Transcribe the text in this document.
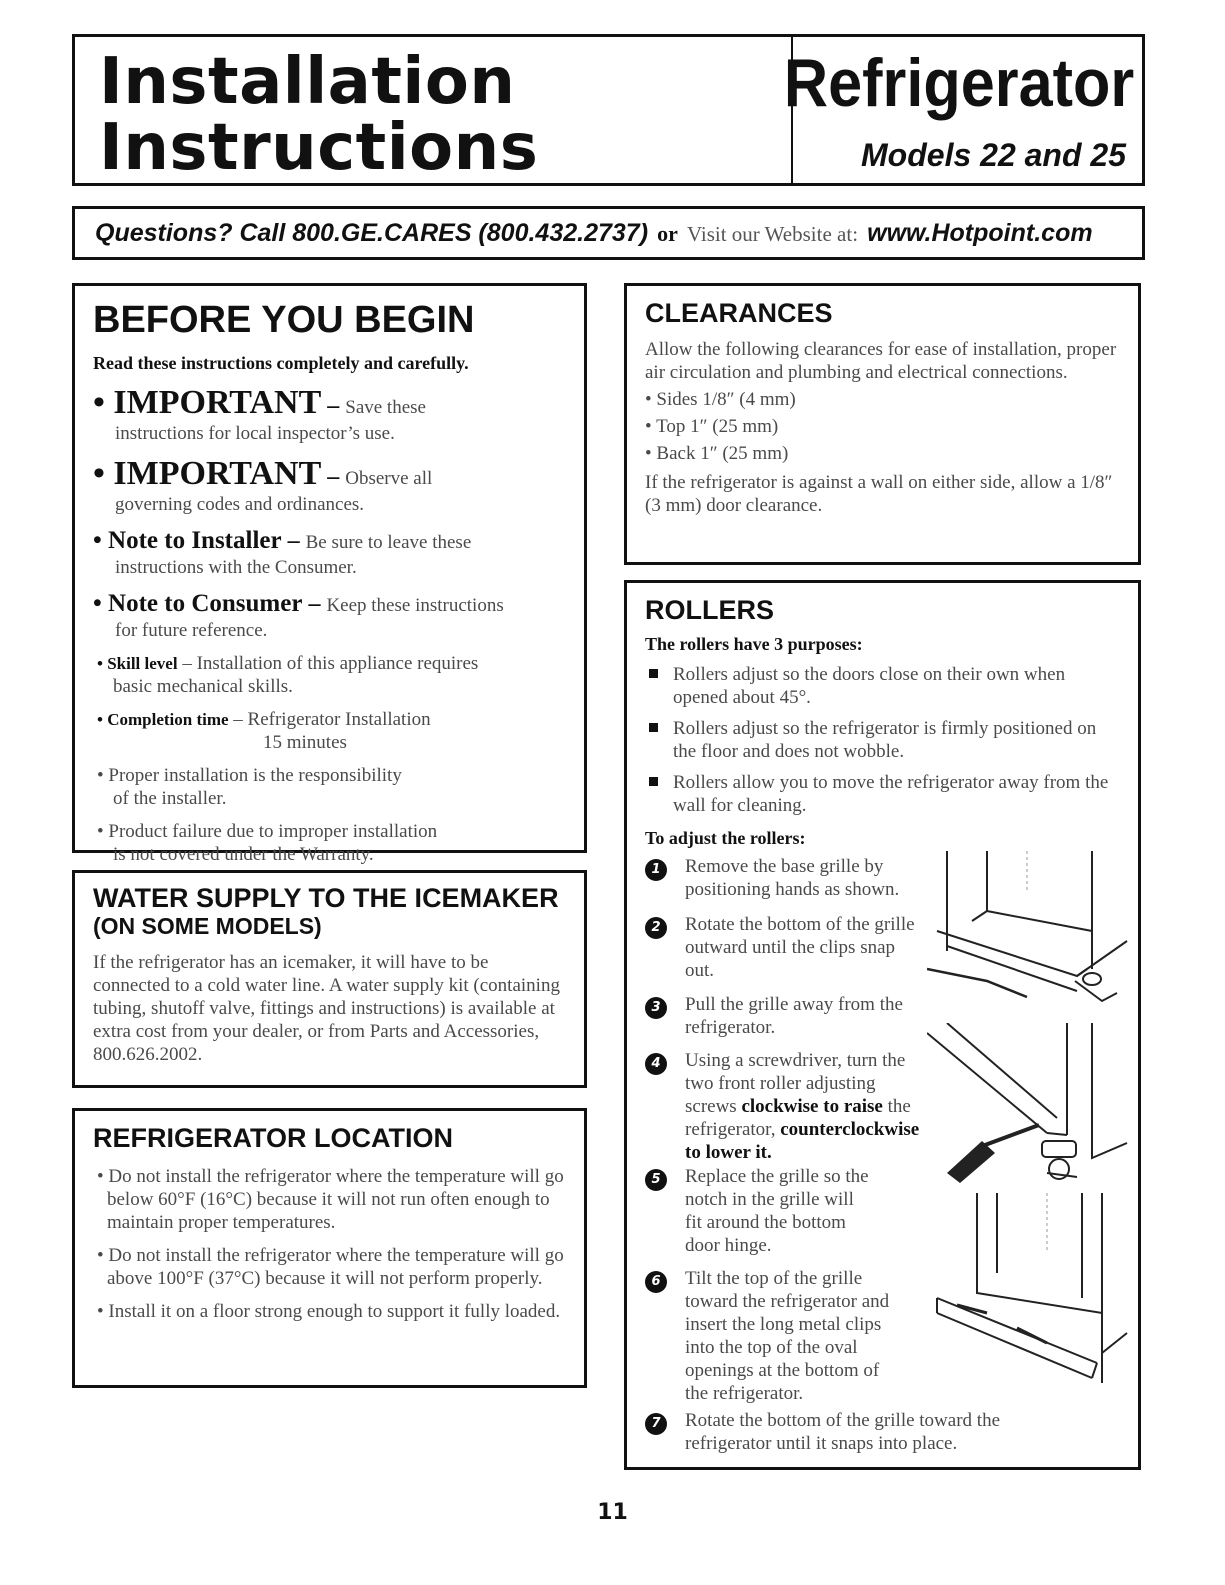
Installation
Instructions
Refrigerator
Models 22 and 25
Questions? Call 800.GE.CARES (800.432.2737) or Visit our Website at: www.Hotpoint.com
BEFORE YOU BEGIN
Read these instructions completely and carefully.
• IMPORTANT – Save these
instructions for local inspector’s use.
• IMPORTANT – Observe all
governing codes and ordinances.
• Note to Installer – Be sure to leave these
instructions with the Consumer.
• Note to Consumer – Keep these instructions
for future reference.
• Skill level – Installation of this appliance requires
basic mechanical skills.
• Completion time – Refrigerator Installation
15 minutes
• Proper installation is the responsibility
of the installer.
• Product failure due to improper installation
is not covered under the Warranty.
WATER SUPPLY TO THE ICEMAKER
(ON SOME MODELS)
If the refrigerator has an icemaker, it will have to be connected to a cold water line. A water supply kit (containing tubing, shutoff valve, fittings and instructions) is available at extra cost from your dealer, or from Parts and Accessories, 800.626.2002.
REFRIGERATOR LOCATION
• Do not install the refrigerator where the temperature will go below 60°F (16°C) because it will not run often enough to maintain proper temperatures.
• Do not install the refrigerator where the temperature will go above 100°F (37°C) because it will not perform properly.
• Install it on a floor strong enough to support it fully loaded.
CLEARANCES
Allow the following clearances for ease of installation, proper air circulation and plumbing and electrical connections.
• Sides 1/8″ (4 mm)
• Top 1″ (25 mm)
• Back 1″ (25 mm)
If the refrigerator is against a wall on either side, allow a 1/8″ (3 mm) door clearance.
ROLLERS
The rollers have 3 purposes:
Rollers adjust so the doors close on their own when opened about 45°.
Rollers adjust so the refrigerator is firmly positioned on the floor and does not wobble.
Rollers allow you to move the refrigerator away from the wall for cleaning.
To adjust the rollers:
1	Remove the base grille by positioning hands as shown.
2	Rotate the bottom of the grille outward until the clips snap out.
3	Pull the grille away from the refrigerator.
4	Using a screwdriver, turn the two front roller adjusting screws clockwise to raise the refrigerator, counterclockwise to lower it.
5	Replace the grille so the notch in the grille will fit around the bottom door hinge.
6	Tilt the top of the grille toward the refrigerator and insert the long metal clips into the top of the oval openings at the bottom of the refrigerator.
7	Rotate the bottom of the grille toward the refrigerator until it snaps into place.
11
